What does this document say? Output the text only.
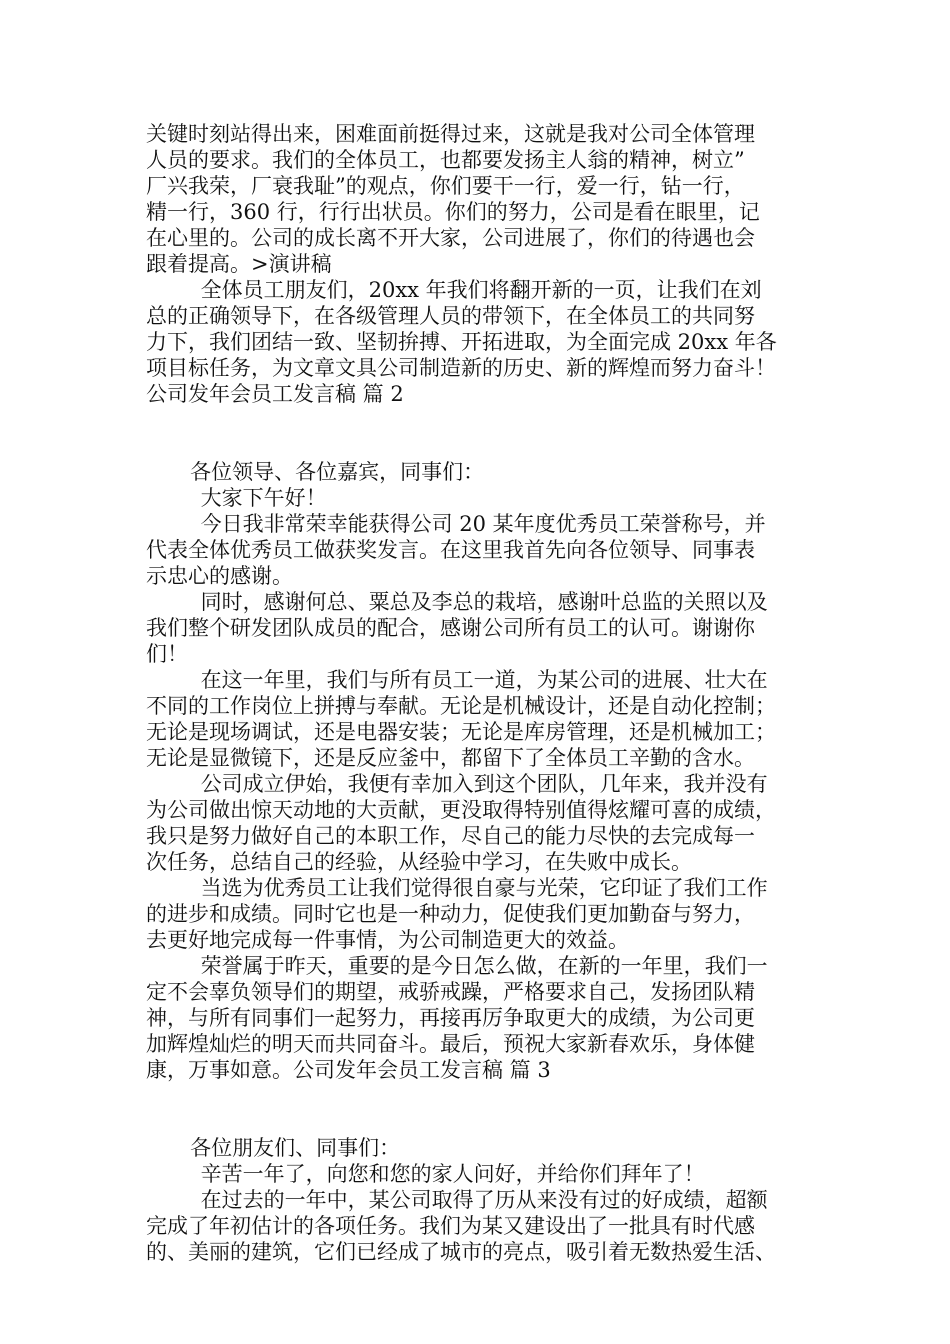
关键时刻站得出来，困难面前挺得过来，这就是我对公司全体管理
人员的要求。我们的全体员工，也都要发扬主人翁的精神，树立”
厂兴我荣，厂衰我耻”的观点，你们要干一行，爱一行，钻一行，
精一行，360 行，行行出状员。你们的努力，公司是看在眼里，记
在心里的。公司的成长离不开大家，公司进展了，你们的待遇也会
跟着提高。>演讲稿

全体员工朋友们，20xx 年我们将翻开新的一页，让我们在刘
总的正确领导下，在各级管理人员的带领下，在全体员工的共同努
力下，我们团结一致、坚韧拚搏、开拓进取，为全面完成 20xx 年各
项目标任务，为文章文具公司制造新的历史、新的辉煌而努力奋斗！
公司发年会员工发言稿 篇 2

各位领导、各位嘉宾，同事们：

大家下午好！

今日我非常荣幸能获得公司 20 某年度优秀员工荣誉称号，并
代表全体优秀员工做获奖发言。在这里我首先向各位领导、同事表
示忠心的感谢。

同时，感谢何总、粟总及李总的栽培，感谢叶总监的关照以及
我们整个研发团队成员的配合，感谢公司所有员工的认可。谢谢你
们！

在这一年里，我们与所有员工一道，为某公司的进展、壮大在
不同的工作岗位上拼搏与奉献。无论是机械设计，还是自动化控制；
无论是现场调试，还是电器安装；无论是库房管理，还是机械加工；
无论是显微镜下，还是反应釜中，都留下了全体员工辛勤的含水。

公司成立伊始，我便有幸加入到这个团队，几年来，我并没有
为公司做出惊天动地的大贡献，更没取得特别值得炫耀可喜的成绩，
我只是努力做好自己的本职工作，尽自己的能力尽快的去完成每一
次任务，总结自己的经验，从经验中学习，在失败中成长。

当选为优秀员工让我们觉得很自豪与光荣，它印证了我们工作
的进步和成绩。同时它也是一种动力，促使我们更加勤奋与努力，
去更好地完成每一件事情，为公司制造更大的效益。

荣誉属于昨天，重要的是今日怎么做，在新的一年里，我们一
定不会辜负领导们的期望，戒骄戒躁，严格要求自己，发扬团队精
神，与所有同事们一起努力，再接再厉争取更大的成绩，为公司更
加辉煌灿烂的明天而共同奋斗。最后，预祝大家新春欢乐，身体健
康，万事如意。公司发年会员工发言稿 篇 3

各位朋友们、同事们：

辛苦一年了，向您和您的家人问好，并给你们拜年了！

在过去的一年中，某公司取得了历从来没有过的好成绩，超额
完成了年初估计的各项任务。我们为某又建设出了一批具有时代感
的、美丽的建筑，它们已经成了城市的亮点，吸引着无数热爱生活、
